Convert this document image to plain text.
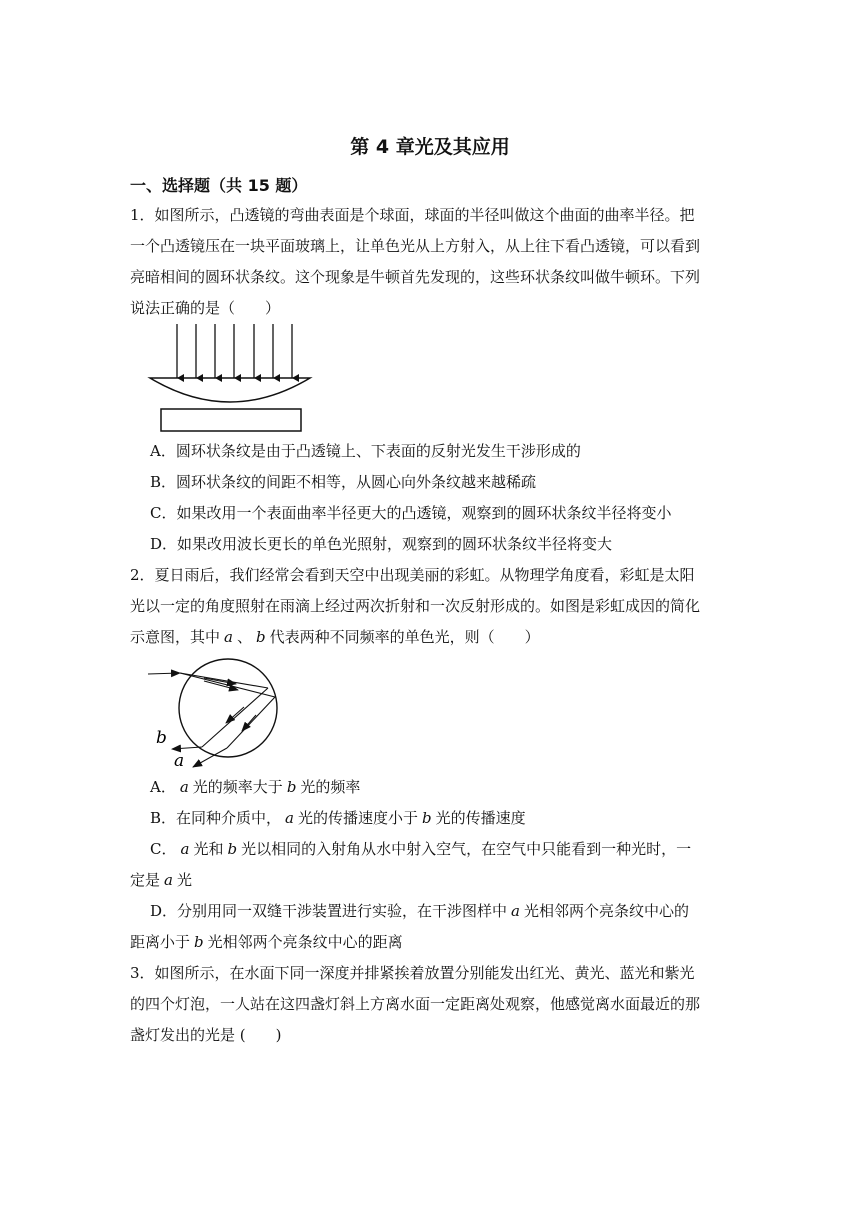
第 4 章光及其应用
一、选择题（共 15 题）
1．如图所示，凸透镜的弯曲表面是个球面，球面的半径叫做这个曲面的曲率半径。把
一个凸透镜压在一块平面玻璃上，让单色光从上方射入，从上往下看凸透镜，可以看到
亮暗相间的圆环状条纹。这个现象是牛顿首先发现的，这些环状条纹叫做牛顿环。下列
说法正确的是（　　）
A．圆环状条纹是由于凸透镜上、下表面的反射光发生干涉形成的
B．圆环状条纹的间距不相等，从圆心向外条纹越来越稀疏
C．如果改用一个表面曲率半径更大的凸透镜，观察到的圆环状条纹半径将变小
D．如果改用波长更长的单色光照射，观察到的圆环状条纹半径将变大
2．夏日雨后，我们经常会看到天空中出现美丽的彩虹。从物理学角度看，彩虹是太阳
光以一定的角度照射在雨滴上经过两次折射和一次反射形成的。如图是彩虹成因的简化
示意图，其中 a 、 b 代表两种不同频率的单色光，则（　　）
b
a
A． a 光的频率大于 b 光的频率
B．在同种介质中， a 光的传播速度小于 b 光的传播速度
C． a 光和 b 光以相同的入射角从水中射入空气，在空气中只能看到一种光时，一
定是 a 光
D．分别用同一双缝干涉装置进行实验，在干涉图样中 a 光相邻两个亮条纹中心的
距离小于 b 光相邻两个亮条纹中心的距离
3．如图所示，在水面下同一深度并排紧挨着放置分别能发出红光、黄光、蓝光和紫光
的四个灯泡，一人站在这四盏灯斜上方离水面一定距离处观察，他感觉离水面最近的那
盏灯发出的光是 (　　)
